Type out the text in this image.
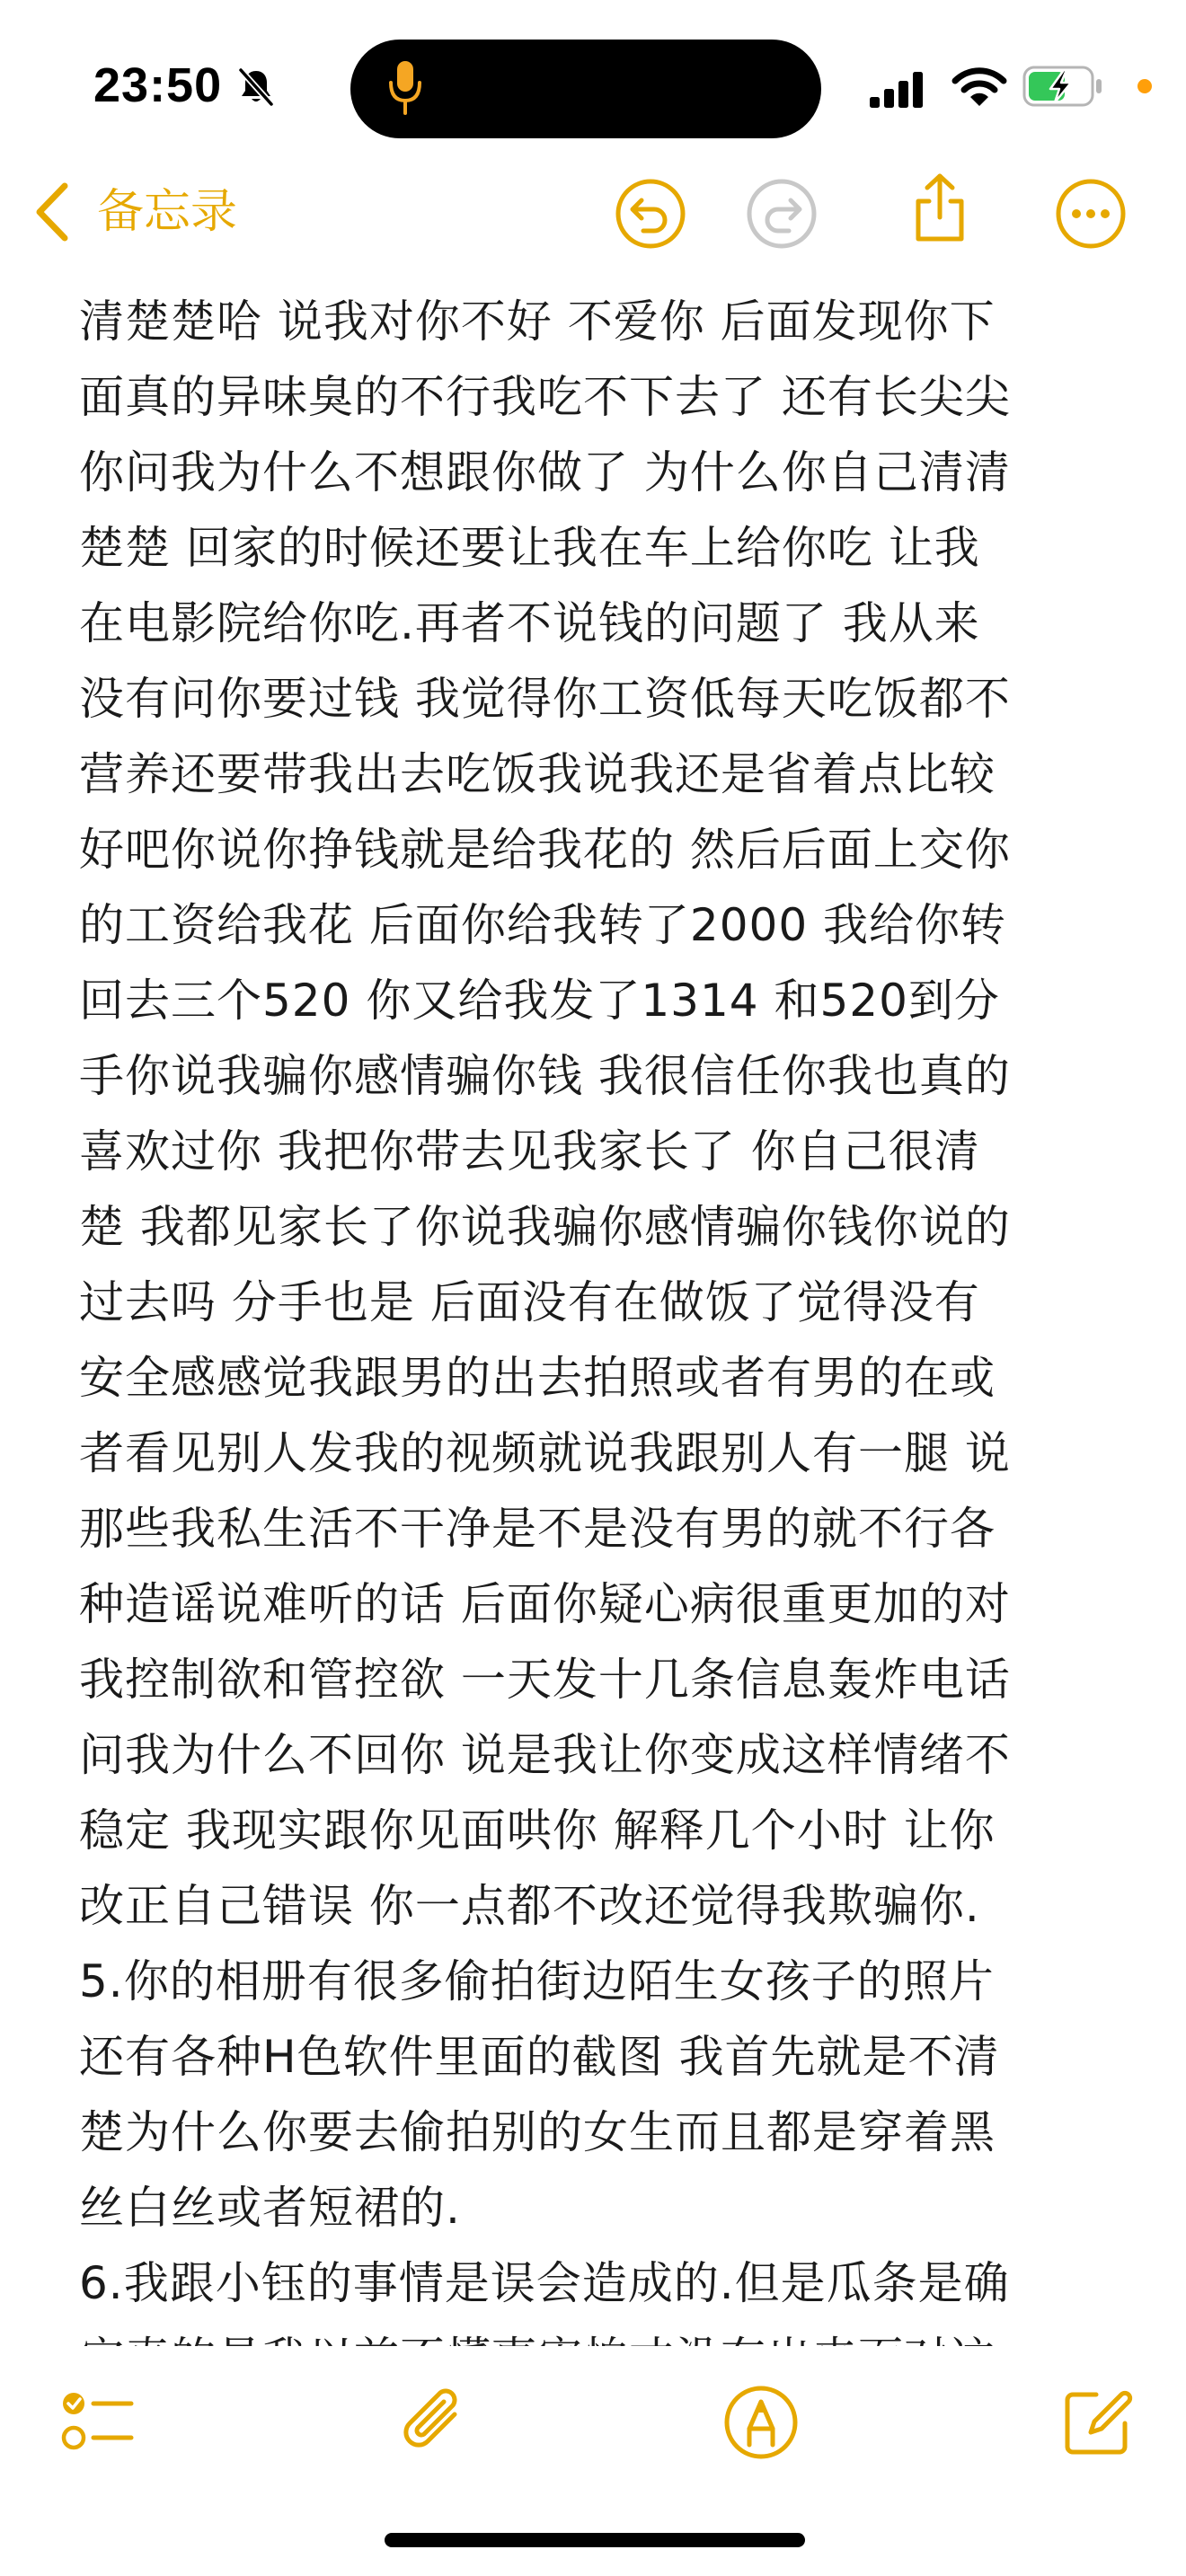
23:50
备忘录
清楚楚哈 说我对你不好 不爱你 后面发现你下
面真的异味臭的不行我吃不下去了 还有长尖尖
你问我为什么不想跟你做了 为什么你自己清清
楚楚 回家的时候还要让我在车上给你吃 让我
在电影院给你吃.再者不说钱的问题了 我从来
没有问你要过钱 我觉得你工资低每天吃饭都不
营养还要带我出去吃饭我说我还是省着点比较
好吧你说你挣钱就是给我花的 然后后面上交你
的工资给我花 后面你给我转了2000 我给你转
回去三个520 你又给我发了1314 和520到分
手你说我骗你感情骗你钱 我很信任你我也真的
喜欢过你 我把你带去见我家长了 你自己很清
楚 我都见家长了你说我骗你感情骗你钱你说的
过去吗 分手也是 后面没有在做饭了觉得没有
安全感感觉我跟男的出去拍照或者有男的在或
者看见别人发我的视频就说我跟别人有一腿 说
那些我私生活不干净是不是没有男的就不行各
种造谣说难听的话 后面你疑心病很重更加的对
我控制欲和管控欲 一天发十几条信息轰炸电话
问我为什么不回你 说是我让你变成这样情绪不
稳定 我现实跟你见面哄你 解释几个小时 让你
改正自己错误 你一点都不改还觉得我欺骗你.
5.你的相册有很多偷拍街边陌生女孩子的照片
还有各种H色软件里面的截图 我首先就是不清
楚为什么你要去偷拍别的女生而且都是穿着黑
丝白丝或者短裙的.
6.我跟小钰的事情是误会造成的.但是瓜条是确
